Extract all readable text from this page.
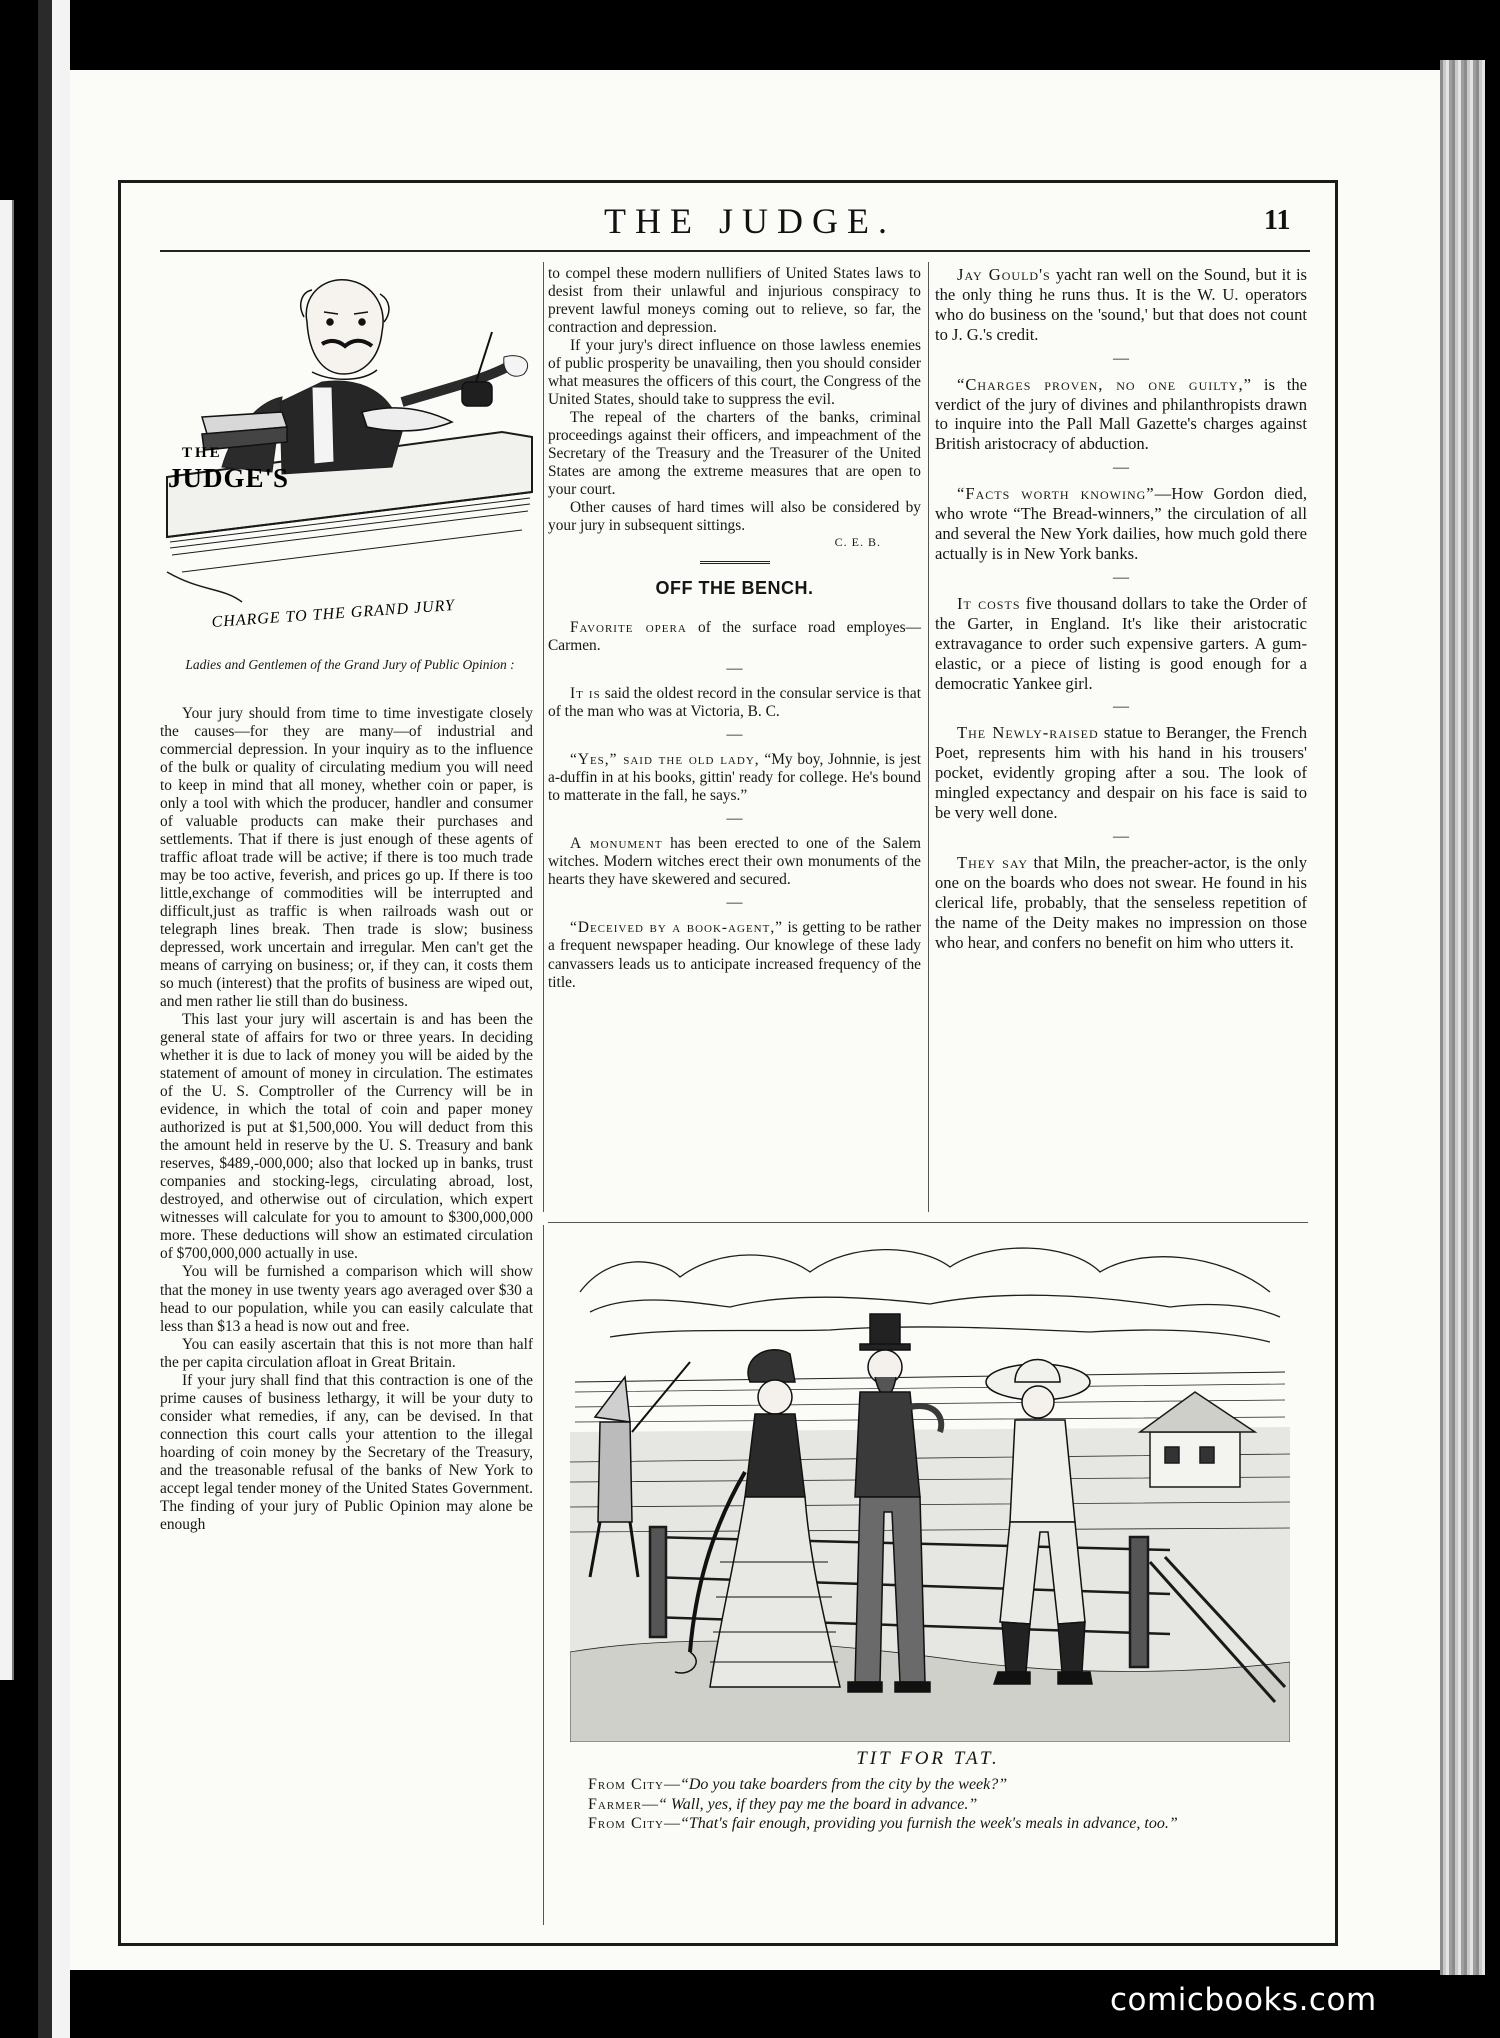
THE JUDGE.	11
THE
JUDGE'S
CHARGE TO THE GRAND JURY
Ladies and Gentlemen of the Grand Jury of Public Opinion :

Your jury should from time to time investigate closely the causes—for they are many—of industrial and commercial depression. In your inquiry as to the influence of the bulk or quality of circulating medium you will need to keep in mind that all money, whether coin or paper, is only a tool with which the producer, handler and consumer of valuable products can make their purchases and settlements. That if there is just enough of these agents of traffic afloat trade will be active; if there is too much trade may be too active, feverish, and prices go up. If there is too little,exchange of commodities will be interrupted and difficult,just as traffic is when railroads wash out or telegraph lines break. Then trade is slow; business depressed, work uncertain and irregular. Men can't get the means of carrying on business; or, if they can, it costs them so much (interest) that the profits of business are wiped out, and men rather lie still than do business.

This last your jury will ascertain is and has been the general state of affairs for two or three years. In deciding whether it is due to lack of money you will be aided by the statement of amount of money in circulation. The estimates of the U. S. Comptroller of the Currency will be in evidence, in which the total of coin and paper money authorized is put at $1,500,000. You will deduct from this the amount held in reserve by the U. S. Treasury and bank reserves, $489,-000,000; also that locked up in banks, trust companies and stocking-legs, circulating abroad, lost, destroyed, and otherwise out of circulation, which expert witnesses will calculate for you to amount to $300,000,000 more. These deductions will show an estimated circulation of $700,000,000 actually in use.

You will be furnished a comparison which will show that the money in use twenty years ago averaged over $30 a head to our population, while you can easily calculate that less than $13 a head is now out and free.

You can easily ascertain that this is not more than half the per capita circulation afloat in Great Britain.

If your jury shall find that this contraction is one of the prime causes of business lethargy, it will be your duty to consider what remedies, if any, can be devised. In that connection this court calls your attention to the illegal hoarding of coin money by the Secretary of the Treasury, and the treasonable refusal of the banks of New York to accept legal tender money of the United States Government. The finding of your jury of Public Opinion may alone be enough

to compel these modern nullifiers of United States laws to desist from their unlawful and injurious conspiracy to prevent lawful moneys coming out to relieve, so far, the contraction and depression.

If your jury's direct influence on those lawless enemies of public prosperity be unavailing, then you should consider what measures the officers of this court, the Congress of the United States, should take to suppress the evil.

The repeal of the charters of the banks, criminal proceedings against their officers, and impeachment of the Secretary of the Treasury and the Treasurer of the United States are among the extreme measures that are open to your court.

Other causes of hard times will also be considered by your jury in subsequent sittings.

C. E. B.
OFF THE BENCH.

Favorite opera of the surface road employes—Carmen.

—

It is said the oldest record in the consular service is that of the man who was at Victoria, B. C.

—

“Yes,” said the old lady, “My boy, Johnnie, is jest a-duffin in at his books, gittin' ready for college. He's bound to matterate in the fall, he says.”

—

A monument has been erected to one of the Salem witches. Modern witches erect their own monuments of the hearts they have skewered and secured.

—

“Deceived by a book-agent,” is getting to be rather a frequent newspaper heading. Our knowlege of these lady canvassers leads us to anticipate increased frequency of the title.

Jay Gould's yacht ran well on the Sound, but it is the only thing he runs thus. It is the W. U. operators who do business on the 'sound,' but that does not count to J. G.'s credit.

—

“Charges proven, no one guilty,” is the verdict of the jury of divines and philanthropists drawn to inquire into the Pall Mall Gazette's charges against British aristocracy of abduction.

—

“Facts worth knowing”—How Gordon died, who wrote “The Bread-winners,” the circulation of all and several the New York dailies, how much gold there actually is in New York banks.

—

It costs five thousand dollars to take the Order of the Garter, in England. It's like their aristocratic extravagance to order such expensive garters. A gum-elastic, or a piece of listing is good enough for a democratic Yankee girl.

—

The Newly-raised statue to Beranger, the French Poet, represents him with his hand in his trousers' pocket, evidently groping after a sou. The look of mingled expectancy and despair on his face is said to be very well done.

—

They say that Miln, the preacher-actor, is the only one on the boards who does not swear. He found in his clerical life, probably, that the senseless repetition of the name of the Deity makes no impression on those who hear, and confers no benefit on him who utters it.

TIT FOR TAT.

From City—“Do you take boarders from the city by the week?”

Farmer—“ Wall, yes, if they pay me the board in advance.”

From City—“That's fair enough, providing you furnish the week's meals in advance, too.”

comicbooks.com
